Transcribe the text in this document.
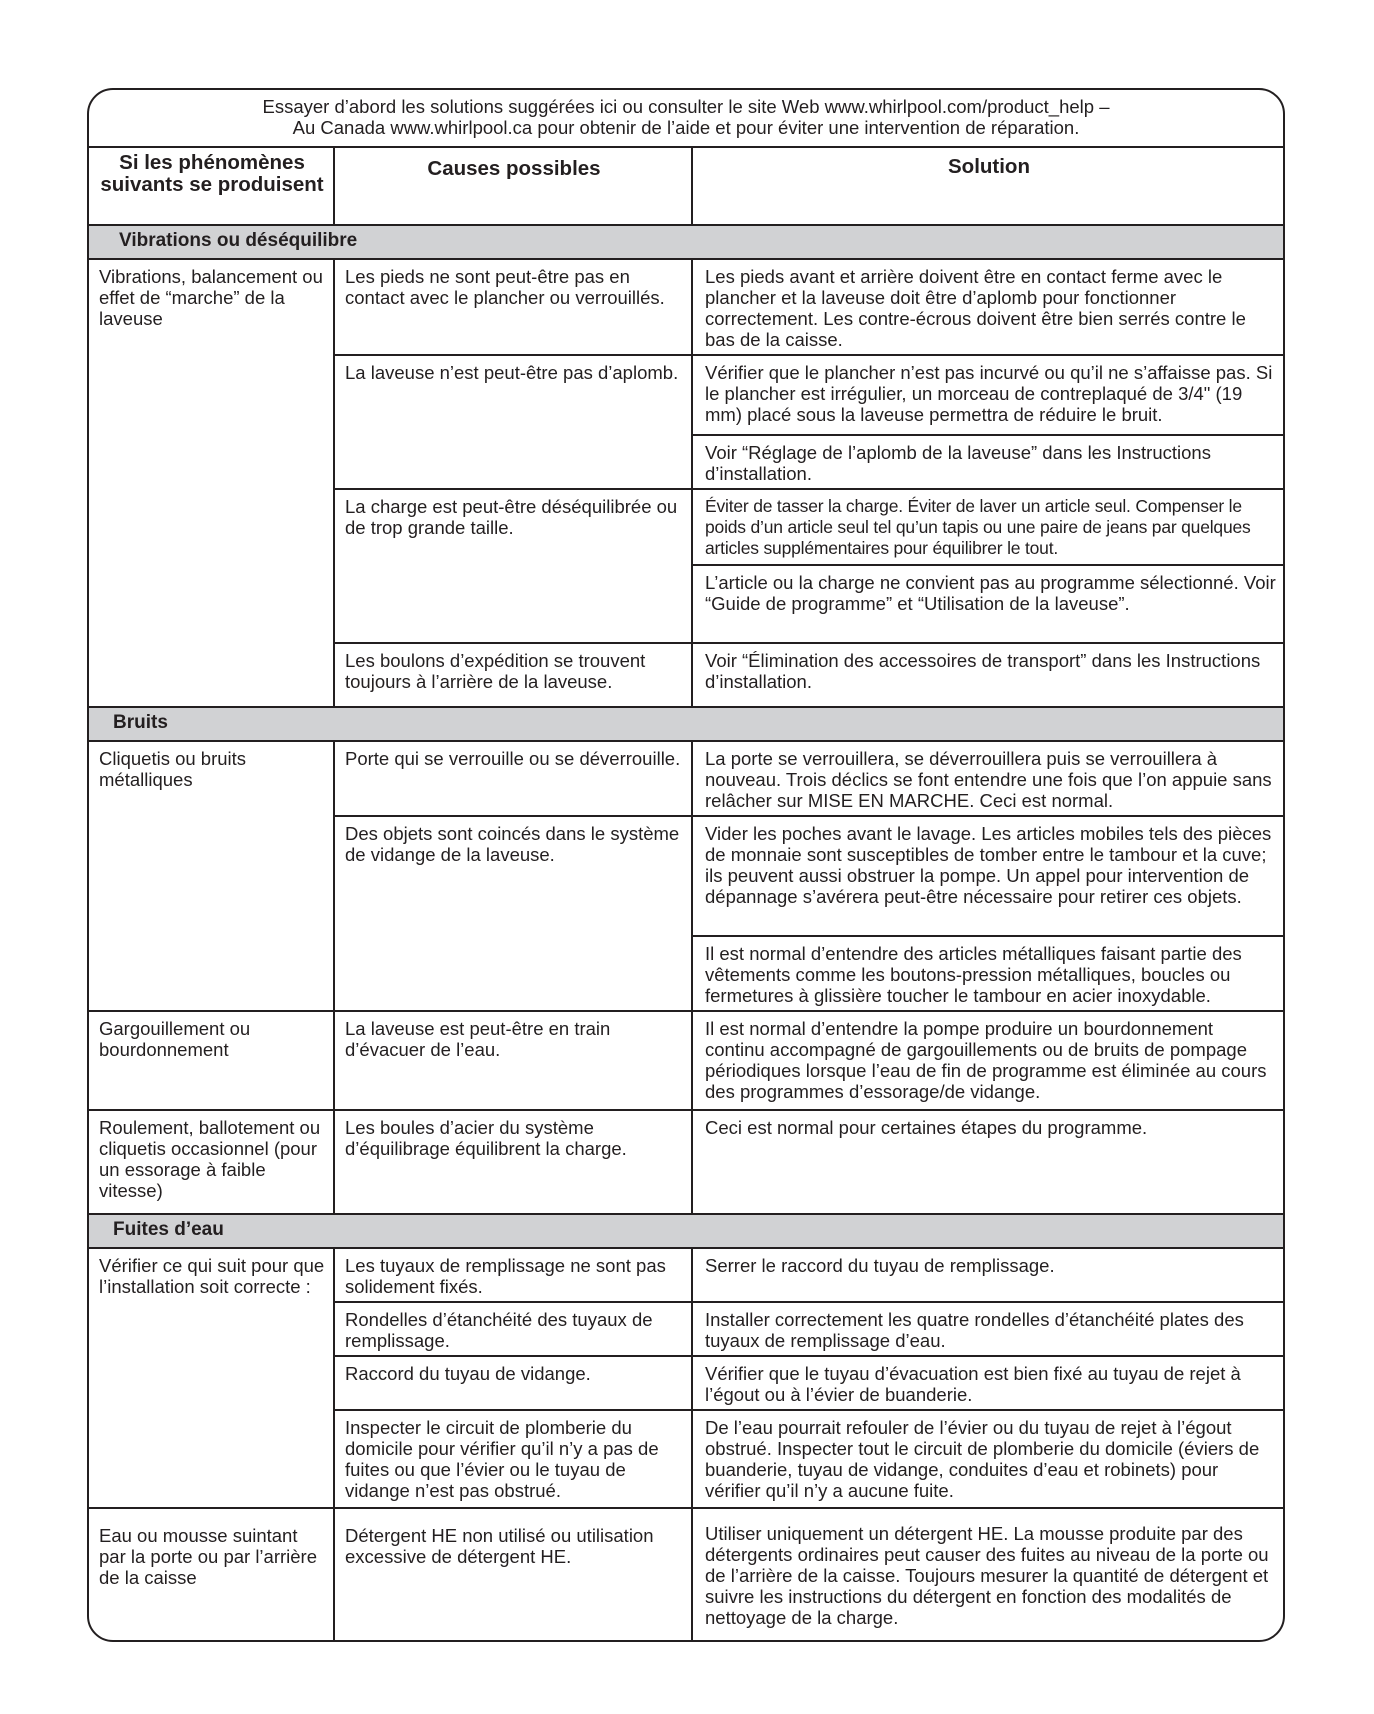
Essayer d’abord les solutions suggérées ici ou consulter le site Web www.whirlpool.com/product_help –
Au Canada www.whirlpool.ca pour obtenir de l’aide et pour éviter une intervention de réparation.
Si les phénomènes suivants se produisent	Causes possibles	Solution
Vibrations ou déséquilibre		
Vibrations, balancement ou effet de “marche” de la laveuse	Les pieds ne sont peut-être pas en contact avec le plancher ou verrouillés.	Les pieds avant et arrière doivent être en contact ferme avec le plancher et la laveuse doit être d’aplomb pour fonctionner correctement. Les contre-écrous doivent être bien serrés contre le bas de la caisse.
	La laveuse n’est peut-être pas d’aplomb.	Vérifier que le plancher n’est pas incurvé ou qu’il ne s’affaisse pas. Si le plancher est irrégulier, un morceau de contreplaqué de 3/4" (19 mm) placé sous la laveuse permettra de réduire le bruit.
		Voir “Réglage de l’aplomb de la laveuse” dans les Instructions d’installation.
	La charge est peut-être déséquilibrée ou de trop grande taille.	Éviter de tasser la charge. Éviter de laver un article seul. Compenser le poids d’un article seul tel qu’un tapis ou une paire de jeans par quelques articles supplémentaires pour équilibrer le tout.
		L’article ou la charge ne convient pas au programme sélectionné. Voir “Guide de programme” et “Utilisation de la laveuse”.
	Les boulons d’expédition se trouvent toujours à l’arrière de la laveuse.	Voir “Élimination des accessoires de transport” dans les Instructions d’installation.
Bruits		
Cliquetis ou bruits métalliques	Porte qui se verrouille ou se déverrouille.	La porte se verrouillera, se déverrouillera puis se verrouillera à nouveau. Trois déclics se font entendre une fois que l’on appuie sans relâcher sur MISE EN MARCHE. Ceci est normal.
	Des objets sont coincés dans le système de vidange de la laveuse.	Vider les poches avant le lavage. Les articles mobiles tels des pièces de monnaie sont susceptibles de tomber entre le tambour et la cuve; ils peuvent aussi obstruer la pompe. Un appel pour intervention de dépannage s’avérera peut-être nécessaire pour retirer ces objets.
		Il est normal d’entendre des articles métalliques faisant partie des vêtements comme les boutons-pression métalliques, boucles ou fermetures à glissière toucher le tambour en acier inoxydable.
Gargouillement ou bourdonnement	La laveuse est peut-être en train d’évacuer de l’eau.	Il est normal d’entendre la pompe produire un bourdonnement continu accompagné de gargouillements ou de bruits de pompage périodiques lorsque l’eau de fin de programme est éliminée au cours des programmes d’essorage/de vidange.
Roulement, ballotement ou cliquetis occasionnel (pour un essorage à faible vitesse)	Les boules d’acier du système d’équilibrage équilibrent la charge.	Ceci est normal pour certaines étapes du programme.
Fuites d’eau		
Vérifier ce qui suit pour que l’installation soit correcte :	Les tuyaux de remplissage ne sont pas solidement fixés.	Serrer le raccord du tuyau de remplissage.
	Rondelles d’étanchéité des tuyaux de remplissage.	Installer correctement les quatre rondelles d’étanchéité plates des tuyaux de remplissage d’eau.
	Raccord du tuyau de vidange.	Vérifier que le tuyau d’évacuation est bien fixé au tuyau de rejet à l’égout ou à l’évier de buanderie.
	Inspecter le circuit de plomberie du domicile pour vérifier qu’il n’y a pas de fuites ou que l’évier ou le tuyau de vidange n’est pas obstrué.	De l’eau pourrait refouler de l’évier ou du tuyau de rejet à l’égout obstrué. Inspecter tout le circuit de plomberie du domicile (éviers de buanderie, tuyau de vidange, conduites d’eau et robinets) pour vérifier qu’il n’y a aucune fuite.
Eau ou mousse suintant par la porte ou par l’arrière de la caisse	Détergent HE non utilisé ou utilisation excessive de détergent HE.	Utiliser uniquement un détergent HE. La mousse produite par des détergents ordinaires peut causer des fuites au niveau de la porte ou de l’arrière de la caisse. Toujours mesurer la quantité de détergent et suivre les instructions du détergent en fonction des modalités de nettoyage de la charge.
